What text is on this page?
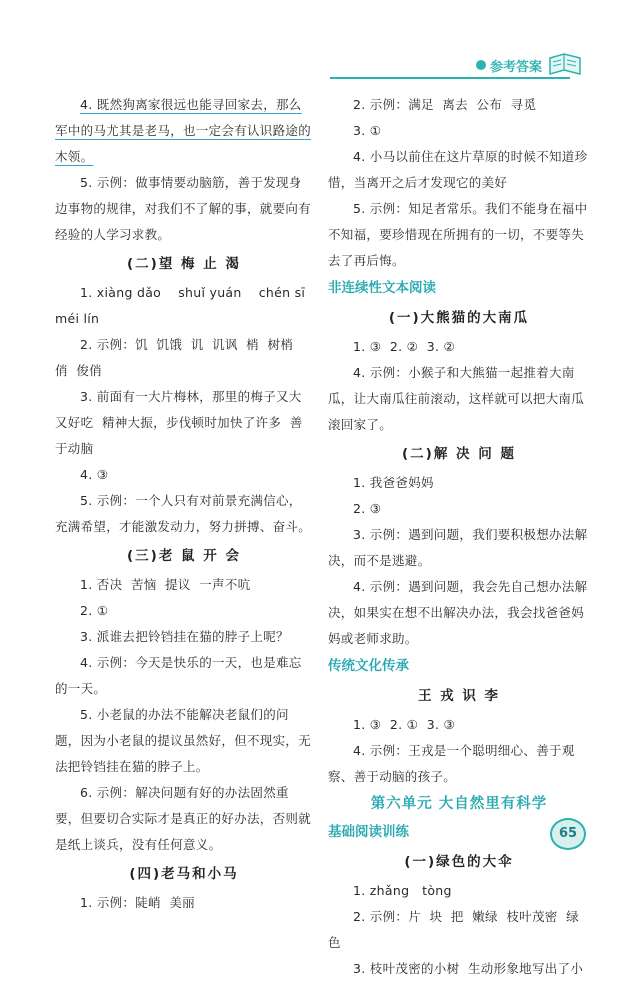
参考答案

4. 既然狗离家很远也能寻回家去，那么军中的马尤其是老马，也一定会有认识路途的木领。

5. 示例：做事情要动脑筋，善于发现身边事物的规律，对我们不了解的事，就要向有经验的人学习求教。

(二)望 梅 止 渴

1. xiàng dǎo    shuǐ yuán    chén sī    méi lín

2. 示例：饥  饥饿  讥  讥讽  梢  树梢  俏  俊俏

3. 前面有一大片梅林，那里的梅子又大又好吃  精神大振，步伐顿时加快了许多  善于动脑

4. ③

5. 示例：一个人只有对前景充满信心，充满希望，才能激发动力，努力拼搏、奋斗。

(三)老 鼠 开 会

1. 否决  苦恼  提议  一声不吭

2. ①

3. 派谁去把铃铛挂在猫的脖子上呢？

4. 示例：今天是快乐的一天，也是难忘的一天。

5. 小老鼠的办法不能解决老鼠们的问题，因为小老鼠的提议虽然好，但不现实，无法把铃铛挂在猫的脖子上。

6. 示例：解决问题有好的办法固然重要，但要切合实际才是真正的好办法，否则就是纸上谈兵，没有任何意义。

(四)老马和小马

1. 示例：陡峭  美丽

2. 示例：满足  离去  公布  寻觅

3. ①

4. 小马以前住在这片草原的时候不知道珍惜，当离开之后才发现它的美好

5. 示例：知足者常乐。我们不能身在福中不知福，要珍惜现在所拥有的一切，不要等失去了再后悔。

非连续性文本阅读
(一)大熊猫的大南瓜

1. ③  2. ②  3. ②

4. 示例：小猴子和大熊猫一起推着大南瓜，让大南瓜往前滚动，这样就可以把大南瓜滚回家了。

(二)解 决 问 题

1. 我爸爸妈妈

2. ③

3. 示例：遇到问题，我们要积极想办法解决，而不是逃避。

4. 示例：遇到问题，我会先自己想办法解决，如果实在想不出解决办法，我会找爸爸妈妈或老师求助。

传统文化传承
王 戎 识 李

1. ③  2. ①  3. ③

4. 示例：王戎是一个聪明细心、善于观察、善于动脑的孩子。

第六单元 大自然里有科学
基础阅读训练
(一)绿色的大伞

1. zhǎng   tòng

2. 示例：片  块  把  嫩绿  枝叶茂密  绿色

3. 枝叶茂密的小树  生动形象地写出了小

65
